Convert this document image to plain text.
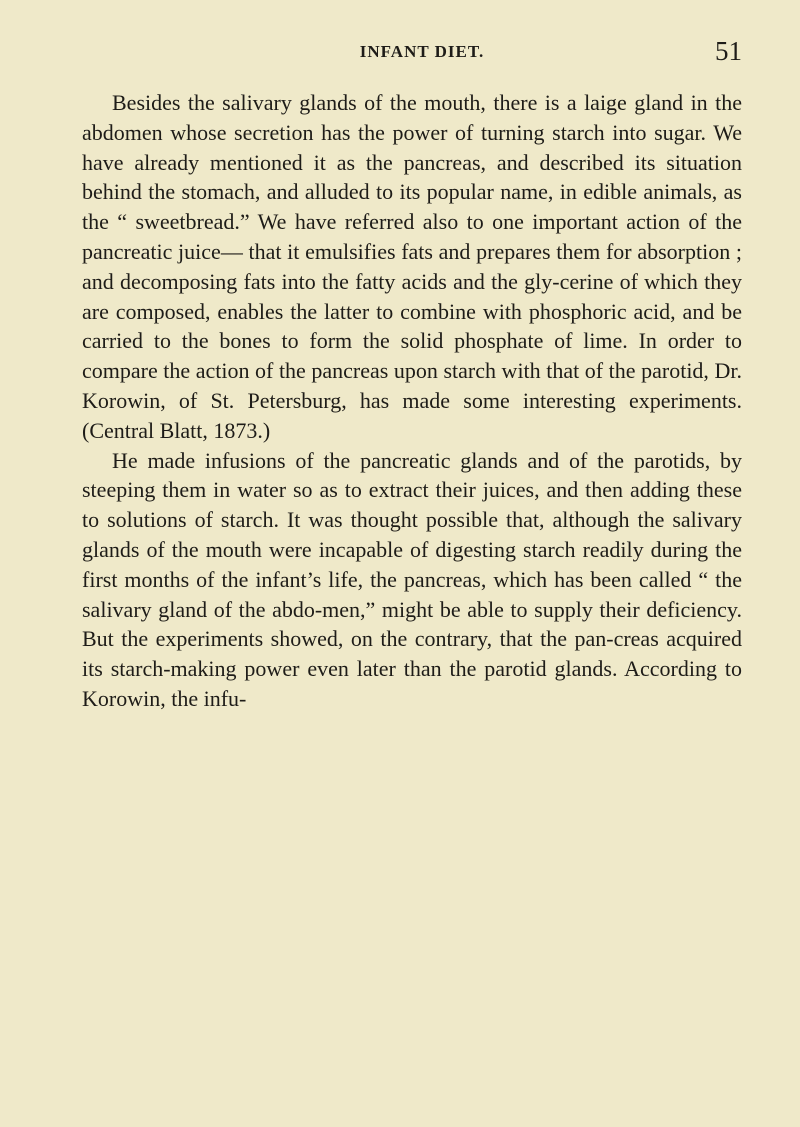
INFANT DIET.	51

Besides the salivary glands of the mouth, there is a laige gland in the abdomen whose secretion has the power of turning starch into sugar. We have already mentioned it as the pancreas, and described its situation behind the stomach, and alluded to its popular name, in edible animals, as the “ sweetbread.” We have referred also to one important action of the pancreatic juice— that it emulsifies fats and prepares them for absorption ; and decomposing fats into the fatty acids and the gly-cerine of which they are composed, enables the latter to combine with phosphoric acid, and be carried to the bones to form the solid phosphate of lime. In order to compare the action of the pancreas upon starch with that of the parotid, Dr. Korowin, of St. Petersburg, has made some interesting experiments. (Central Blatt, 1873.)

He made infusions of the pancreatic glands and of the parotids, by steeping them in water so as to extract their juices, and then adding these to solutions of starch. It was thought possible that, although the salivary glands of the mouth were incapable of digesting starch readily during the first months of the infant’s life, the pancreas, which has been called “ the salivary gland of the abdo-men,” might be able to supply their deficiency. But the experiments showed, on the contrary, that the pan-creas acquired its starch-making power even later than the parotid glands. According to Korowin, the infu-
